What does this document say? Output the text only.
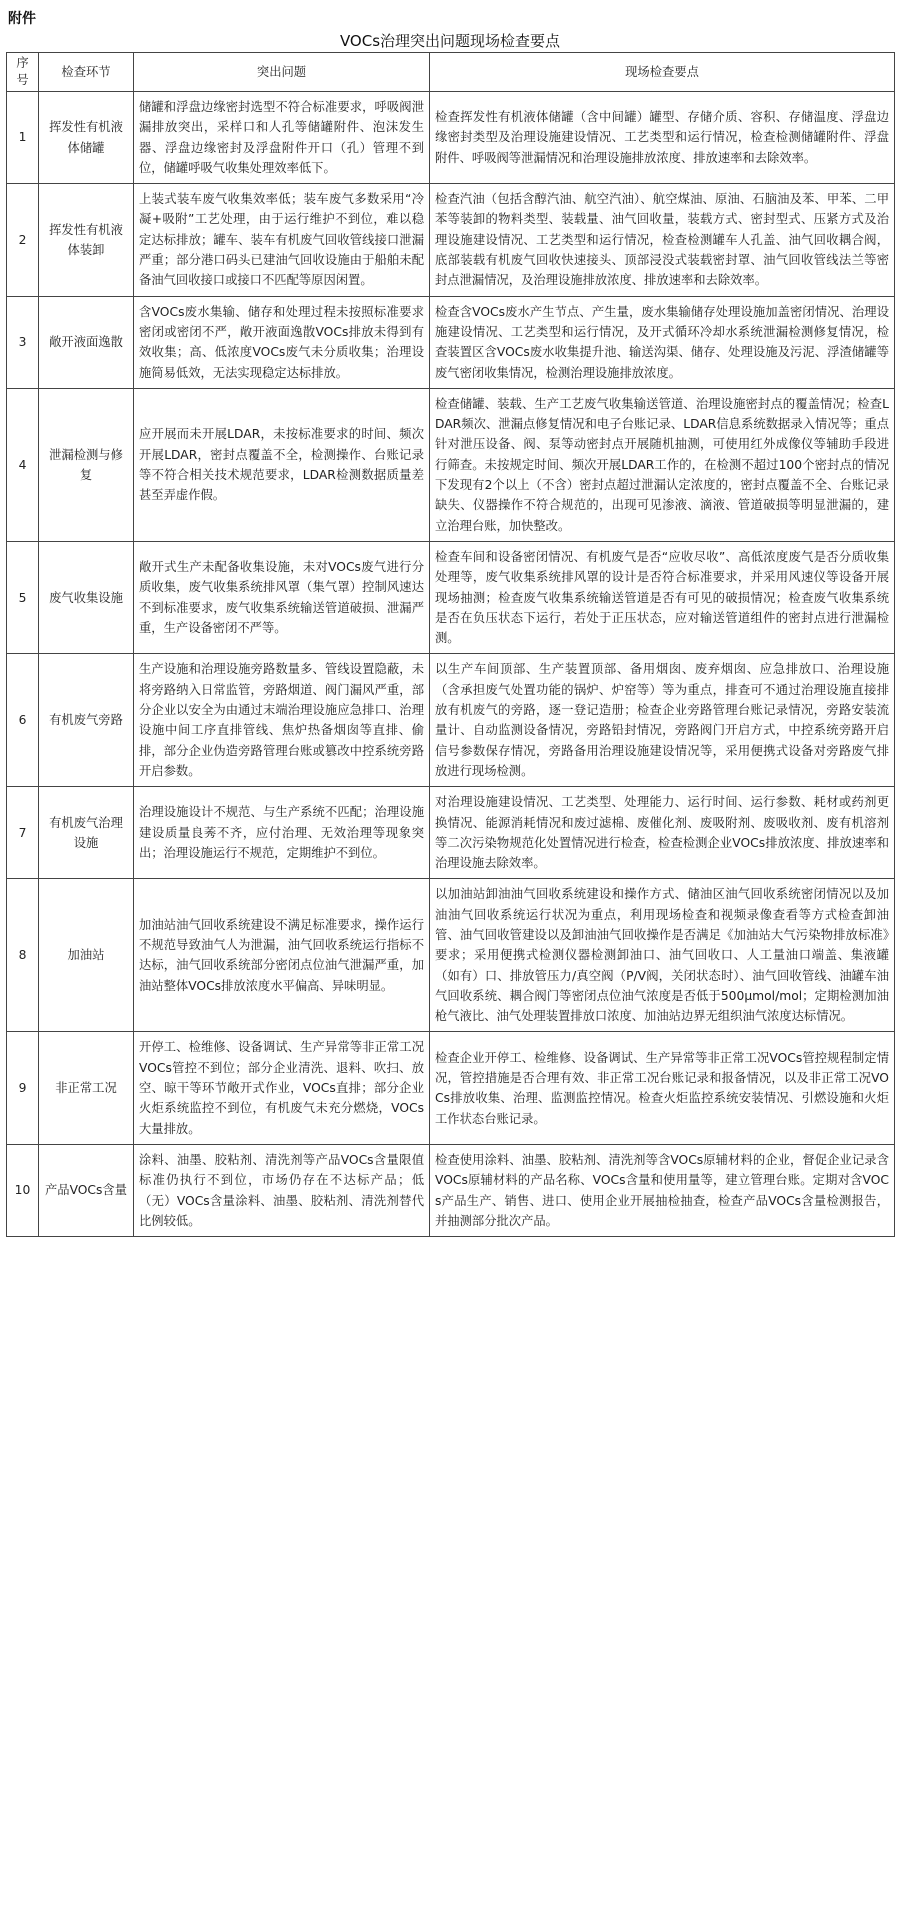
附件
VOCs治理突出问题现场检查要点
序号	检查环节	突出问题	现场检查要点
1	挥发性有机液体储罐	储罐和浮盘边缘密封选型不符合标准要求，呼吸阀泄漏排放突出，采样口和人孔等储罐附件、泡沫发生器、浮盘边缘密封及浮盘附件开口（孔）管理不到位，储罐呼吸气收集处理效率低下。	检查挥发性有机液体储罐（含中间罐）罐型、存储介质、容积、存储温度、浮盘边缘密封类型及治理设施建设情况、工艺类型和运行情况，检查检测储罐附件、浮盘附件、呼吸阀等泄漏情况和治理设施排放浓度、排放速率和去除效率。
2	挥发性有机液体装卸	上装式装车废气收集效率低；装车废气多数采用“冷凝+吸附”工艺处理，由于运行维护不到位，难以稳定达标排放；罐车、装车有机废气回收管线接口泄漏严重；部分港口码头已建油气回收设施由于船舶未配备油气回收接口或接口不匹配等原因闲置。	检查汽油（包括含醇汽油、航空汽油）、航空煤油、原油、石脑油及苯、甲苯、二甲苯等装卸的物料类型、装载量、油气回收量，装载方式、密封型式、压紧方式及治理设施建设情况、工艺类型和运行情况，检查检测罐车人孔盖、油气回收耦合阀，底部装载有机废气回收快速接头、顶部浸没式装载密封罩、油气回收管线法兰等密封点泄漏情况，及治理设施排放浓度、排放速率和去除效率。
3	敞开液面逸散	含VOCs废水集输、储存和处理过程未按照标准要求密闭或密闭不严，敞开液面逸散VOCs排放未得到有效收集；高、低浓度VOCs废气未分质收集；治理设施简易低效，无法实现稳定达标排放。	检查含VOCs废水产生节点、产生量，废水集输储存处理设施加盖密闭情况、治理设施建设情况、工艺类型和运行情况，及开式循环冷却水系统泄漏检测修复情况，检查装置区含VOCs废水收集提升池、输送沟渠、储存、处理设施及污泥、浮渣储罐等废气密闭收集情况，检测治理设施排放浓度。
4	泄漏检测与修复	应开展而未开展LDAR，未按标准要求的时间、频次开展LDAR，密封点覆盖不全，检测操作、台账记录等不符合相关技术规范要求，LDAR检测数据质量差甚至弄虚作假。	检查储罐、装载、生产工艺废气收集输送管道、治理设施密封点的覆盖情况；检查LDAR频次、泄漏点修复情况和电子台账记录、LDAR信息系统数据录入情况等；重点针对泄压设备、阀、泵等动密封点开展随机抽测，可使用红外成像仪等辅助手段进行筛查。未按规定时间、频次开展LDAR工作的，在检测不超过100个密封点的情况下发现有2个以上（不含）密封点超过泄漏认定浓度的，密封点覆盖不全、台账记录缺失、仪器操作不符合规范的，出现可见渗液、滴液、管道破损等明显泄漏的，建立治理台账，加快整改。
5	废气收集设施	敞开式生产未配备收集设施，未对VOCs废气进行分质收集，废气收集系统排风罩（集气罩）控制风速达不到标准要求，废气收集系统输送管道破损、泄漏严重，生产设备密闭不严等。	检查车间和设备密闭情况、有机废气是否“应收尽收”、高低浓度废气是否分质收集处理等，废气收集系统排风罩的设计是否符合标准要求，并采用风速仪等设备开展现场抽测；检查废气收集系统输送管道是否有可见的破损情况；检查废气收集系统是否在负压状态下运行，若处于正压状态，应对输送管道组件的密封点进行泄漏检测。
6	有机废气旁路	生产设施和治理设施旁路数量多、管线设置隐蔽，未将旁路纳入日常监管，旁路烟道、阀门漏风严重，部分企业以安全为由通过末端治理设施应急排口、治理设施中间工序直排管线、焦炉热备烟囱等直排、偷排，部分企业伪造旁路管理台账或篡改中控系统旁路开启参数。	以生产车间顶部、生产装置顶部、备用烟囱、废弃烟囱、应急排放口、治理设施（含承担废气处置功能的锅炉、炉窑等）等为重点，排查可不通过治理设施直接排放有机废气的旁路，逐一登记造册；检查企业旁路管理台账记录情况，旁路安装流量计、自动监测设备情况，旁路铅封情况，旁路阀门开启方式，中控系统旁路开启信号参数保存情况，旁路备用治理设施建设情况等，采用便携式设备对旁路废气排放进行现场检测。
7	有机废气治理设施	治理设施设计不规范、与生产系统不匹配；治理设施建设质量良莠不齐，应付治理、无效治理等现象突出；治理设施运行不规范，定期维护不到位。	对治理设施建设情况、工艺类型、处理能力、运行时间、运行参数、耗材或药剂更换情况、能源消耗情况和废过滤棉、废催化剂、废吸附剂、废吸收剂、废有机溶剂等二次污染物规范化处置情况进行检查，检查检测企业VOCs排放浓度、排放速率和治理设施去除效率。
8	加油站	加油站油气回收系统建设不满足标准要求，操作运行不规范导致油气人为泄漏，油气回收系统运行指标不达标，油气回收系统部分密闭点位油气泄漏严重，加油站整体VOCs排放浓度水平偏高、异味明显。	以加油站卸油油气回收系统建设和操作方式、储油区油气回收系统密闭情况以及加油油气回收系统运行状况为重点，利用现场检查和视频录像查看等方式检查卸油管、油气回收管建设以及卸油油气回收操作是否满足《加油站大气污染物排放标准》要求；采用便携式检测仪器检测卸油口、油气回收口、人工量油口端盖、集液罐（如有）口、排放管压力/真空阀（P/V阀，关闭状态时）、油气回收管线、油罐车油气回收系统、耦合阀门等密闭点位油气浓度是否低于500μmol/mol；定期检测加油枪气液比、油气处理装置排放口浓度、加油站边界无组织油气浓度达标情况。
9	非正常工况	开停工、检维修、设备调试、生产异常等非正常工况VOCs管控不到位；部分企业清洗、退料、吹扫、放空、晾干等环节敞开式作业，VOCs直排；部分企业火炬系统监控不到位，有机废气未充分燃烧，VOCs大量排放。	检查企业开停工、检维修、设备调试、生产异常等非正常工况VOCs管控规程制定情况，管控措施是否合理有效、非正常工况台账记录和报备情况，以及非正常工况VOCs排放收集、治理、监测监控情况。检查火炬监控系统安装情况、引燃设施和火炬工作状态台账记录。
10	产品VOCs含量	涂料、油墨、胶粘剂、清洗剂等产品VOCs含量限值标准仍执行不到位，市场仍存在不达标产品；低（无）VOCs含量涂料、油墨、胶粘剂、清洗剂替代比例较低。	检查使用涂料、油墨、胶粘剂、清洗剂等含VOCs原辅材料的企业，督促企业记录含VOCs原辅材料的产品名称、VOCs含量和使用量等，建立管理台账。定期对含VOCs产品生产、销售、进口、使用企业开展抽检抽查，检查产品VOCs含量检测报告，并抽测部分批次产品。
